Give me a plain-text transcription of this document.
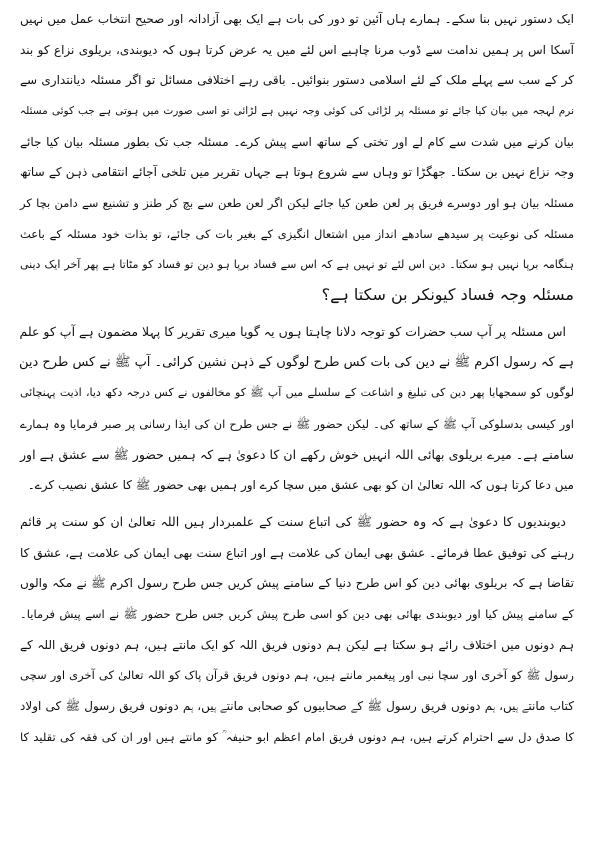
ایک دستور نہیں بنا سکے۔ ہمارے ہاں آئین تو دور کی بات ہے ایک بھی آزادانہ اور صحیح انتخاب عمل میں نہیں
آسکا اس پر ہمیں ندامت سے ڈوب مرنا چاہیے اس لئے میں یہ عرض کرتا ہوں کہ دیوبندی، بریلوی نزاع کو بند
کر کے سب سے پہلے ملک کے لئے اسلامی دستور بنوائیں۔ باقی رہے اختلافی مسائل تو اگر مسئلہ دیانتداری سے
نرم لہجہ میں بیان کیا جائے تو مسئلہ پر لڑائی کی کوئی وجہ نہیں ہے لڑائی تو اسی صورت میں ہوتی ہے جب کوئی مسئلہ
بیان کرنے میں شدت سے کام لے اور تختی کے ساتھ اسے پیش کرے۔ مسئلہ جب تک بطور مسئلہ بیان کیا جائے
وجہ نزاع نہیں بن سکتا۔ جھگڑا تو وہاں سے شروع ہوتا ہے جہاں تقریر میں تلخی آجائے انتقامی ذہن کے ساتھ
مسئلہ بیان ہو اور دوسرے فریق پر لعن طعن کیا جائے لیکن اگر لعن طعن سے بچ کر طنز و تشنیع سے دامن بچا کر
مسئلہ کی نوعیت پر سیدھے سادھے انداز میں اشتعال انگیزی کے بغیر بات کی جائے، تو بذات خود مسئلہ کے باعث
ہنگامہ برپا نہیں ہو سکتا۔ دین اس لئے تو نہیں ہے کہ اس سے فساد برپا ہو دین تو فساد کو مٹاتا ہے پھر آخر ایک دینی
مسئلہ وجہ فساد کیونکر بن سکتا ہے؟
اس مسئلہ پر آپ سب حضرات کو توجہ دلانا چاہتا ہوں یہ گویا میری تقریر کا پہلا مضمون ہے آپ کو علم
ہے کہ رسول اکرم ﷺ نے دین کی بات کس طرح لوگوں کے ذہن نشین کرائی۔ آپ ﷺ نے کس طرح دین
لوگوں کو سمجھایا پھر دین کی تبلیغ و اشاعت کے سلسلے میں آپ ﷺ کو مخالفوں نے کس درجہ دکھ دیا، اذیت پہنچائی
اور کیسی بدسلوکی آپ ﷺ کے ساتھ کی۔ لیکن حضور ﷺ نے جس طرح ان کی ایذا رسانی پر صبر فرمایا وہ ہمارے
سامنے ہے۔ میرے بریلوی بھائی اللہ انہیں خوش رکھے ان کا دعویٰ ہے کہ ہمیں حضور ﷺ سے عشق ہے اور
میں دعا کرتا ہوں کہ اللہ تعالیٰ ان کو بھی عشق میں سچا کرے اور ہمیں بھی حضور ﷺ کا عشق نصیب کرے۔
دیوبندیوں کا دعویٰ ہے کہ وہ حضور ﷺ کی اتباع سنت کے علمبردار ہیں اللہ تعالیٰ ان کو سنت پر قائم
رہنے کی توفیق عطا فرمائے۔ عشق بھی ایمان کی علامت ہے اور اتباع سنت بھی ایمان کی علامت ہے، عشق کا
تقاضا ہے کہ بریلوی بھائی دین کو اس طرح دنیا کے سامنے پیش کریں جس طرح رسول اکرم ﷺ نے مکہ والوں
کے سامنے پیش کیا اور دیوبندی بھائی بھی دین کو اسی طرح پیش کریں جس طرح حضور ﷺ نے اسے پیش فرمایا۔
ہم دونوں میں اختلاف رائے ہو سکتا ہے لیکن ہم دونوں فریق اللہ کو ایک مانتے ہیں، ہم دونوں فریق اللہ کے
رسول ﷺ کو آخری اور سچا نبی اور پیغمبر مانتے ہیں، ہم دونوں فریق قرآن پاک کو اللہ تعالیٰ کی آخری اور سچی
کتاب مانتے ہیں، ہم دونوں فریق رسول ﷺ کے صحابیوں کو صحابی مانتے ہیں، ہم دونوں فریق رسول ﷺ کی اولاد
کا صدق دل سے احترام کرتے ہیں، ہم دونوں فریق امام اعظم ابو حنیفہ ؒ کو مانتے ہیں اور ان کی فقہ کی تقلید کا
